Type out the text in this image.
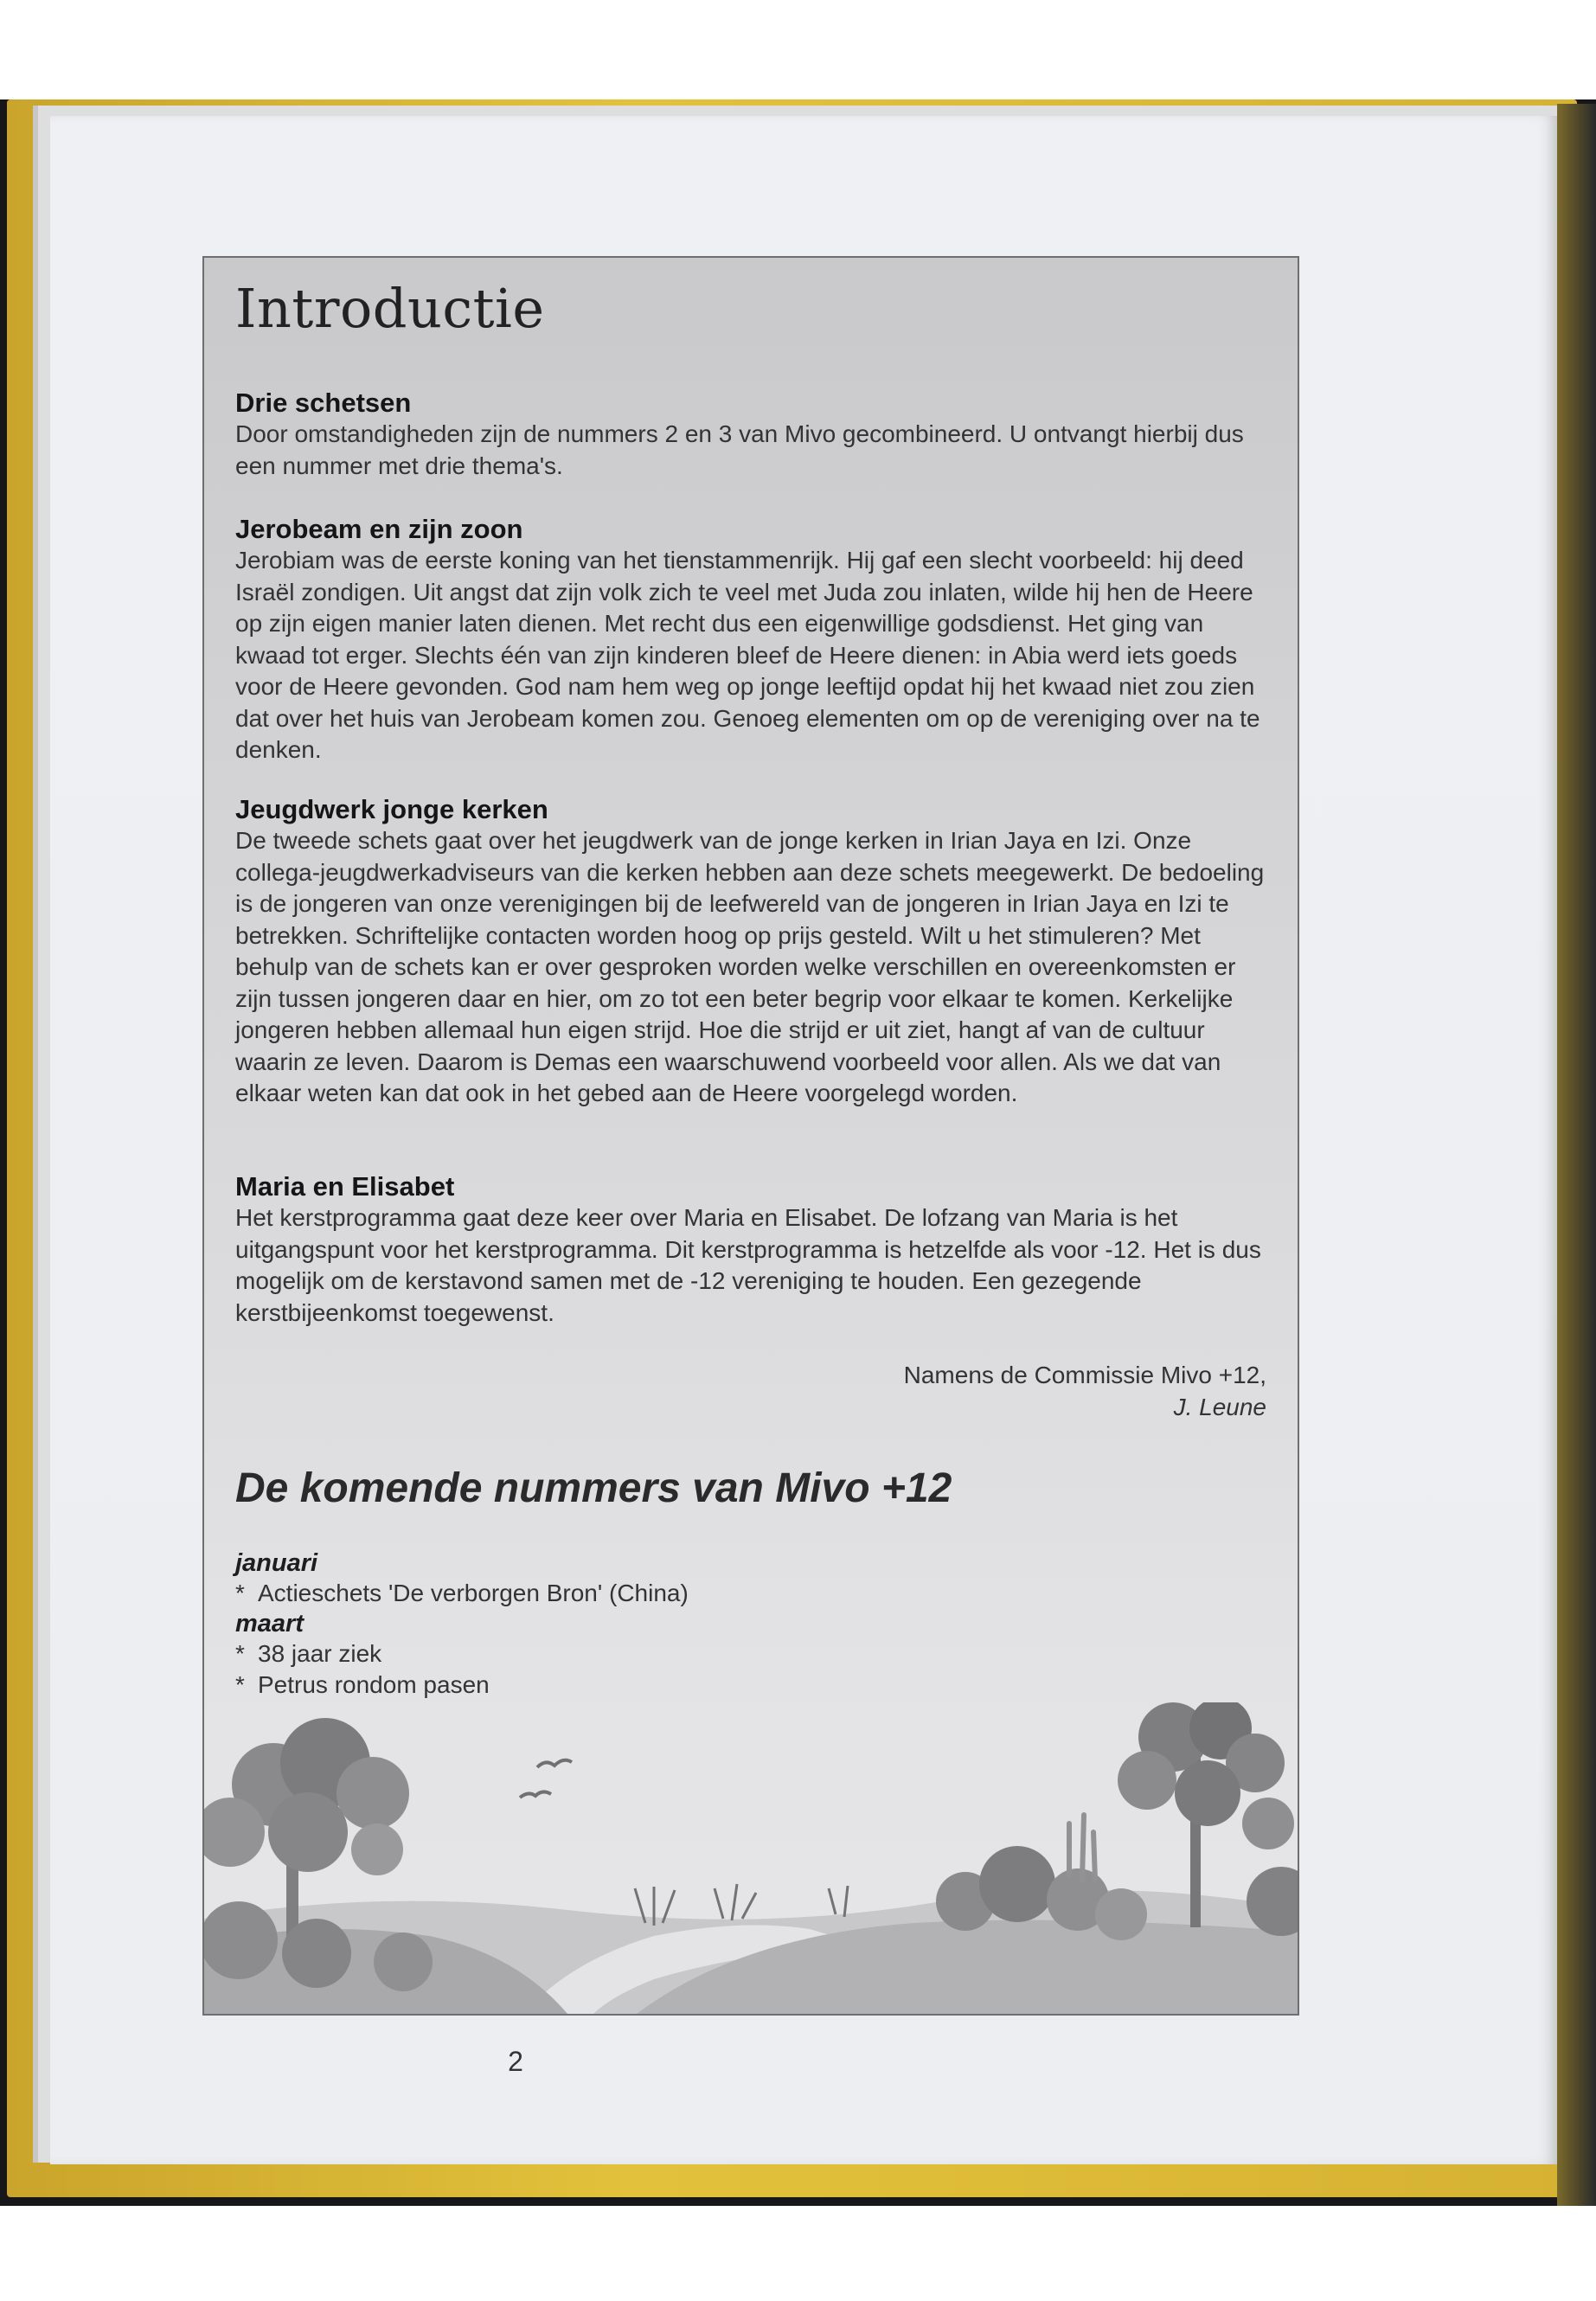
Introductie
Drie schetsen

Door omstandigheden zijn de nummers 2 en 3 van Mivo gecombineerd. U ontvangt hierbij dus een nummer met drie thema's.

Jerobeam en zijn zoon

Jerobiam was de eerste koning van het tienstammenrijk. Hij gaf een slecht voorbeeld: hij deed Israël zondigen. Uit angst dat zijn volk zich te veel met Juda zou inlaten, wilde hij hen de Heere op zijn eigen manier laten dienen. Met recht dus een eigenwillige godsdienst. Het ging van kwaad tot erger. Slechts één van zijn kinderen bleef de Heere dienen: in Abia werd iets goeds voor de Heere gevonden. God nam hem weg op jonge leeftijd opdat hij het kwaad niet zou zien dat over het huis van Jerobeam komen zou. Genoeg elementen om op de vereniging over na te denken.

Jeugdwerk jonge kerken

De tweede schets gaat over het jeugdwerk van de jonge kerken in Irian Jaya en Izi. Onze collega-jeugdwerkadviseurs van die kerken hebben aan deze schets meegewerkt. De bedoeling is de jongeren van onze verenigingen bij de leefwereld van de jongeren in Irian Jaya en Izi te betrekken. Schriftelijke contacten worden hoog op prijs gesteld. Wilt u het stimuleren? Met behulp van de schets kan er over gesproken worden welke verschillen en overeenkomsten er zijn tussen jongeren daar en hier, om zo tot een beter begrip voor elkaar te komen. Kerkelijke jongeren hebben allemaal hun eigen strijd. Hoe die strijd er uit ziet, hangt af van de cultuur waarin ze leven. Daarom is Demas een waarschuwend voorbeeld voor allen. Als we dat van elkaar weten kan dat ook in het gebed aan de Heere voorgelegd worden.

Maria en Elisabet

Het kerstprogramma gaat deze keer over Maria en Elisabet. De lofzang van Maria is het uitgangspunt voor het kerstprogramma. Dit kerstprogramma is hetzelfde als voor -12. Het is dus mogelijk om de kerstavond samen met de -12 vereniging te houden. Een gezegende kerstbijeenkomst toegewenst.

Namens de Commissie Mivo +12,
J. Leune
De komende nummers van Mivo +12
januari
* Actieschets 'De verborgen Bron' (China)
maart
* 38 jaar ziek
* Petrus rondom pasen
2
